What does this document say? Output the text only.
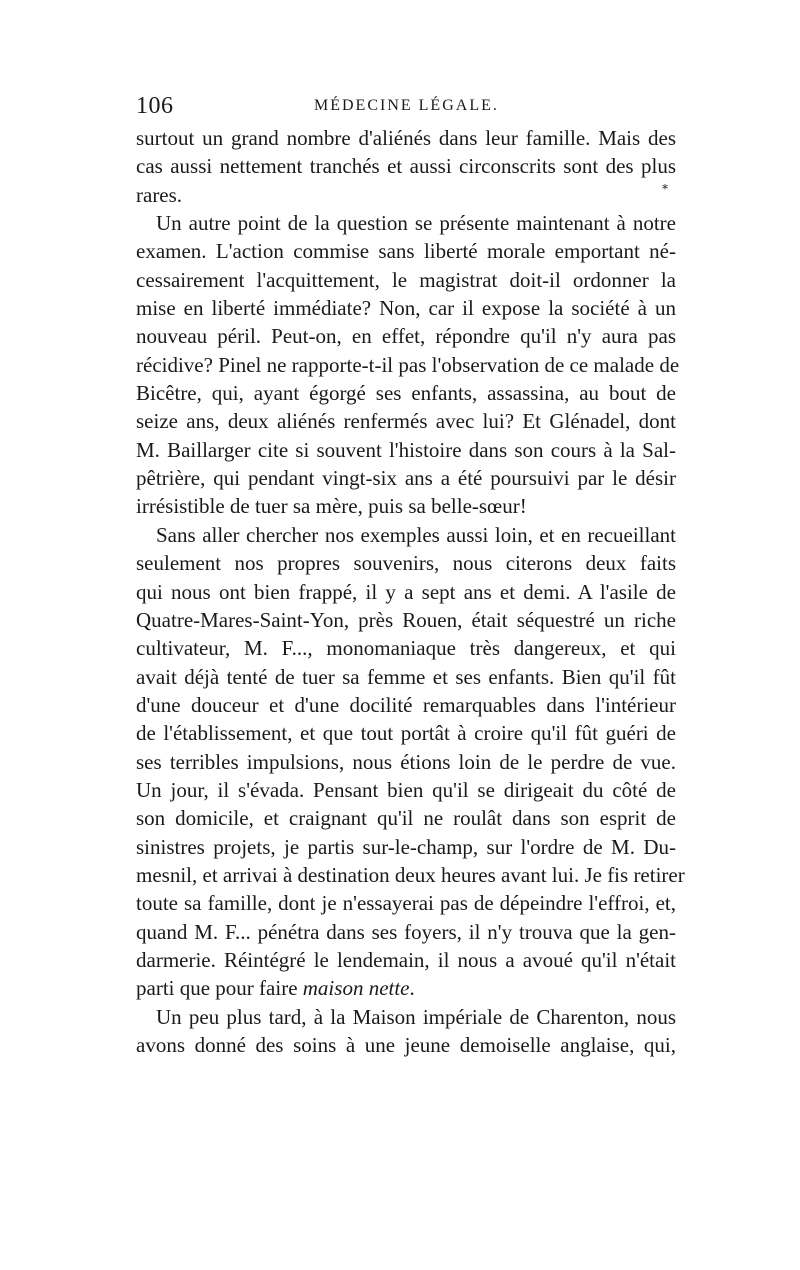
106	MÉDECINE LÉGALE.
⁎
surtout un grand nombre d'aliénés dans leur famille. Mais des
cas aussi nettement tranchés et aussi circonscrits sont des plus
rares.
Un autre point de la question se présente maintenant à notre
examen. L'action commise sans liberté morale emportant né-
cessairement l'acquittement, le magistrat doit-il ordonner la
mise en liberté immédiate? Non, car il expose la société à un
nouveau péril. Peut-on, en effet, répondre qu'il n'y aura pas
récidive? Pinel ne rapporte-t-il pas l'observation de ce malade de
Bicêtre, qui, ayant égorgé ses enfants, assassina, au bout de
seize ans, deux aliénés renfermés avec lui? Et Glénadel, dont
M. Baillarger cite si souvent l'histoire dans son cours à la Sal-
pêtrière, qui pendant vingt-six ans a été poursuivi par le désir
irrésistible de tuer sa mère, puis sa belle-sœur!
Sans aller chercher nos exemples aussi loin, et en recueillant
seulement nos propres souvenirs, nous citerons deux faits
qui nous ont bien frappé, il y a sept ans et demi. A l'asile de
Quatre-Mares-Saint-Yon, près Rouen, était séquestré un riche
cultivateur, M. F..., monomaniaque très dangereux, et qui
avait déjà tenté de tuer sa femme et ses enfants. Bien qu'il fût
d'une douceur et d'une docilité remarquables dans l'intérieur
de l'établissement, et que tout portât à croire qu'il fût guéri de
ses terribles impulsions, nous étions loin de le perdre de vue.
Un jour, il s'évada. Pensant bien qu'il se dirigeait du côté de
son domicile, et craignant qu'il ne roulât dans son esprit de
sinistres projets, je partis sur-le-champ, sur l'ordre de M. Du-
mesnil, et arrivai à destination deux heures avant lui. Je fis retirer
toute sa famille, dont je n'essayerai pas de dépeindre l'effroi, et,
quand M. F... pénétra dans ses foyers, il n'y trouva que la gen-
darmerie. Réintégré le lendemain, il nous a avoué qu'il n'était
parti que pour faire maison nette.
Un peu plus tard, à la Maison impériale de Charenton, nous
avons donné des soins à une jeune demoiselle anglaise, qui,
